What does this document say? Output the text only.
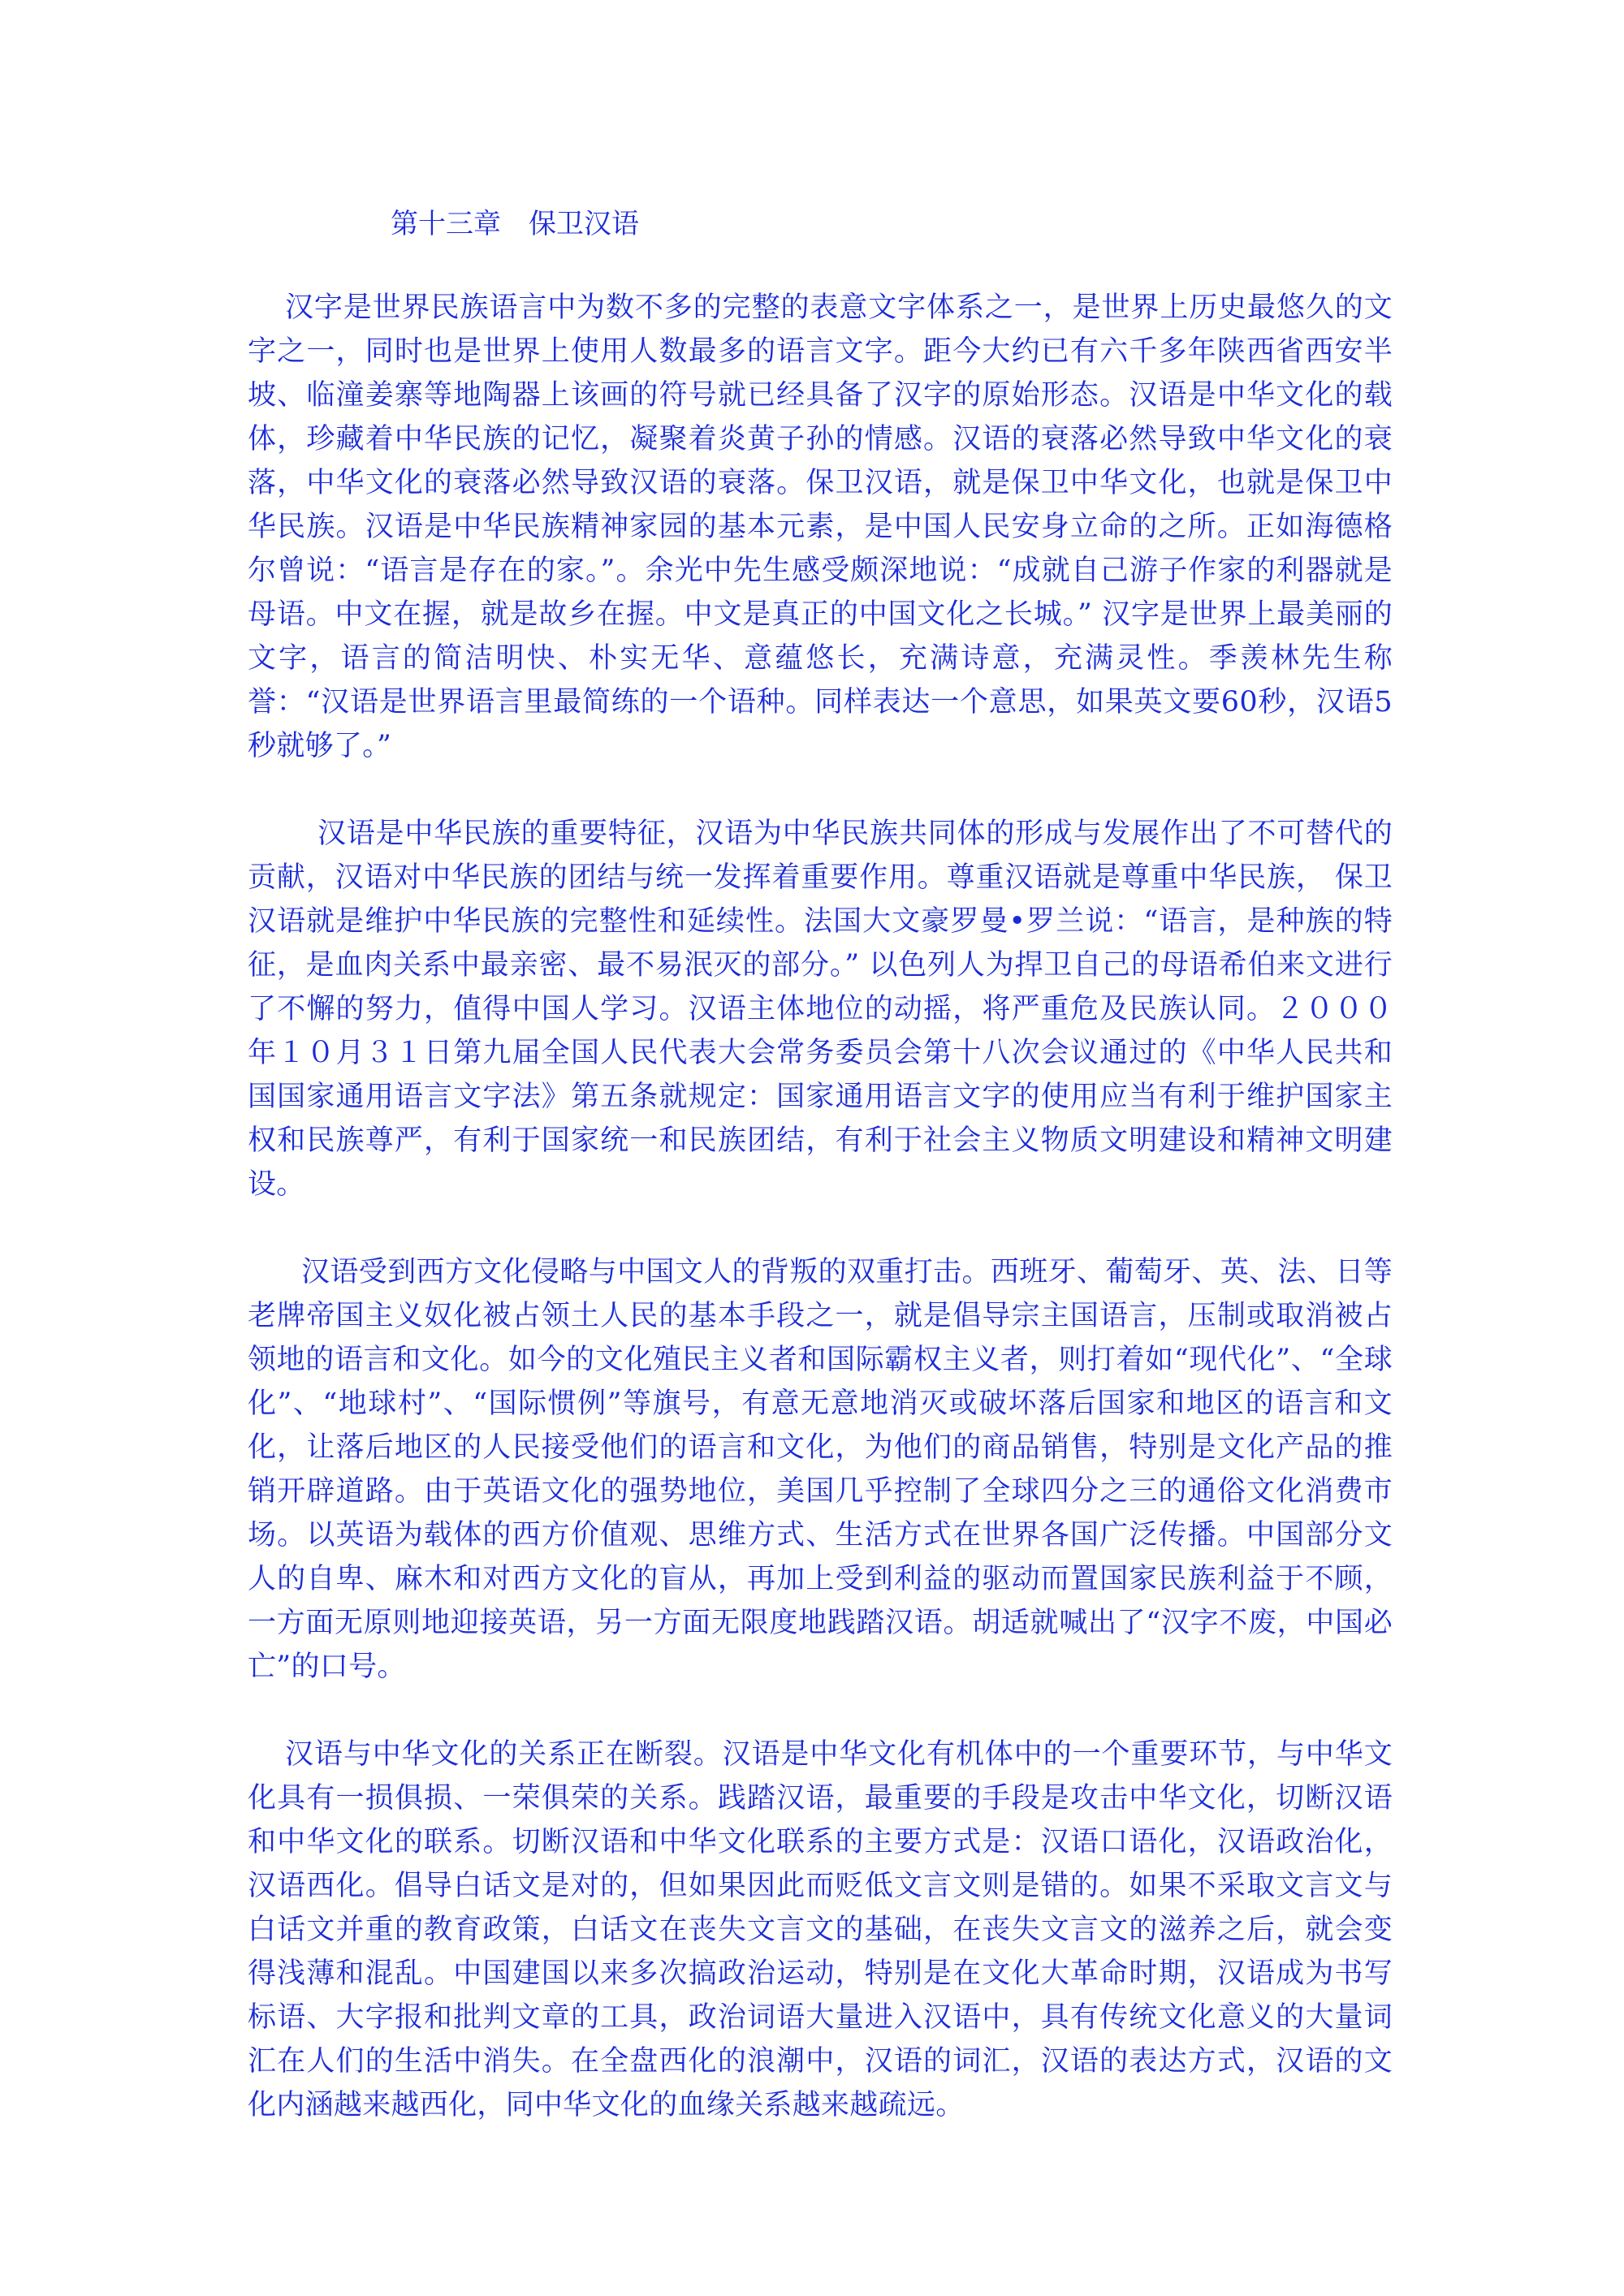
第十三章　保卫汉语

汉字是世界民族语言中为数不多的完整的表意文字体系之一，是世界上历史最悠久的文字之一，同时也是世界上使用人数最多的语言文字。距今大约已有六千多年陕西省西安半坡、临潼姜寨等地陶器上该画的符号就已经具备了汉字的原始形态。汉语是中华文化的载体，珍藏着中华民族的记忆，凝聚着炎黄子孙的情感。汉语的衰落必然导致中华文化的衰落，中华文化的衰落必然导致汉语的衰落。保卫汉语，就是保卫中华文化，也就是保卫中华民族。汉语是中华民族精神家园的基本元素，是中国人民安身立命的之所。正如海德格尔曾说：“语言是存在的家。”。余光中先生感受颇深地说：“成就自己游子作家的利器就是母语。中文在握，就是故乡在握。中文是真正的中国文化之长城。” 汉字是世界上最美丽的文字，语言的简洁明快、朴实无华、意蕴悠长，充满诗意，充满灵性。季羡林先生称誉：“汉语是世界语言里最简练的一个语种。同样表达一个意思，如果英文要60秒，汉语5秒就够了。”

汉语是中华民族的重要特征，汉语为中华民族共同体的形成与发展作出了不可替代的贡献，汉语对中华民族的团结与统一发挥着重要作用。尊重汉语就是尊重中华民族， 保卫汉语就是维护中华民族的完整性和延续性。法国大文豪罗曼•罗兰说：“语言，是种族的特征，是血肉关系中最亲密、最不易泯灭的部分。” 以色列人为捍卫自己的母语希伯来文进行了不懈的努力，值得中国人学习。汉语主体地位的动摇，将严重危及民族认同。２０００年１０月３１日第九届全国人民代表大会常务委员会第十八次会议通过的《中华人民共和国国家通用语言文字法》第五条就规定：国家通用语言文字的使用应当有利于维护国家主权和民族尊严，有利于国家统一和民族团结，有利于社会主义物质文明建设和精神文明建设。

汉语受到西方文化侵略与中国文人的背叛的双重打击。西班牙、葡萄牙、英、法、日等老牌帝国主义奴化被占领土人民的基本手段之一，就是倡导宗主国语言，压制或取消被占领地的语言和文化。如今的文化殖民主义者和国际霸权主义者，则打着如“现代化”、“全球化”、“地球村”、“国际惯例”等旗号，有意无意地消灭或破坏落后国家和地区的语言和文化，让落后地区的人民接受他们的语言和文化，为他们的商品销售，特别是文化产品的推销开辟道路。由于英语文化的强势地位，美国几乎控制了全球四分之三的通俗文化消费市场。以英语为载体的西方价值观、思维方式、生活方式在世界各国广泛传播。中国部分文人的自卑、麻木和对西方文化的盲从，再加上受到利益的驱动而置国家民族利益于不顾，一方面无原则地迎接英语，另一方面无限度地践踏汉语。胡适就喊出了“汉字不废，中国必亡”的口号。

汉语与中华文化的关系正在断裂。汉语是中华文化有机体中的一个重要环节，与中华文化具有一损俱损、一荣俱荣的关系。践踏汉语，最重要的手段是攻击中华文化，切断汉语和中华文化的联系。切断汉语和中华文化联系的主要方式是：汉语口语化，汉语政治化，汉语西化。倡导白话文是对的，但如果因此而贬低文言文则是错的。如果不采取文言文与白话文并重的教育政策，白话文在丧失文言文的基础，在丧失文言文的滋养之后，就会变得浅薄和混乱。中国建国以来多次搞政治运动，特别是在文化大革命时期，汉语成为书写标语、大字报和批判文章的工具，政治词语大量进入汉语中，具有传统文化意义的大量词汇在人们的生活中消失。在全盘西化的浪潮中，汉语的词汇，汉语的表达方式，汉语的文化内涵越来越西化，同中华文化的血缘关系越来越疏远。
